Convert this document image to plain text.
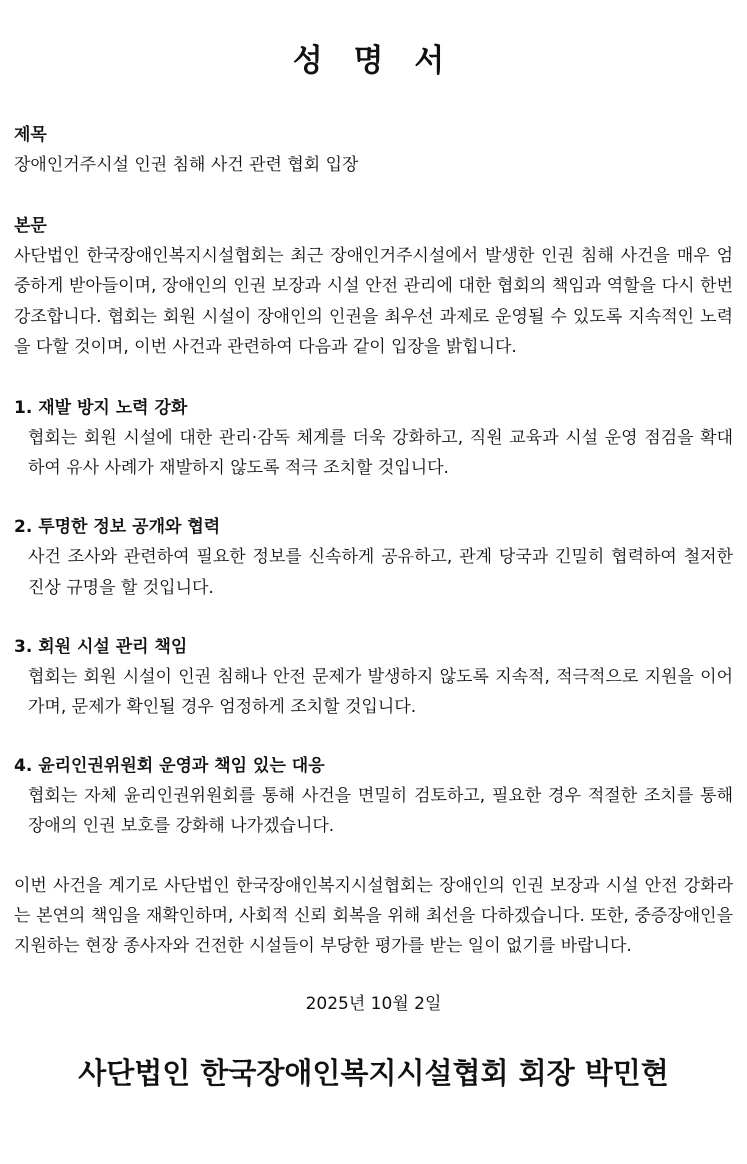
성 명 서

제목

장애인거주시설 인권 침해 사건 관련 협회 입장

본문

사단법인 한국장애인복지시설협회는 최근 장애인거주시설에서 발생한 인권 침해 사건을 매우 엄중하게 받아들이며, 장애인의 인권 보장과 시설 안전 관리에 대한 협회의 책임과 역할을 다시 한번 강조합니다. 협회는 회원 시설이 장애인의 인권을 최우선 과제로 운영될 수 있도록 지속적인 노력을 다할 것이며, 이번 사건과 관련하여 다음과 같이 입장을 밝힙니다.

1. 재발 방지 노력 강화

협회는 회원 시설에 대한 관리·감독 체계를 더욱 강화하고, 직원 교육과 시설 운영 점검을 확대하여 유사 사례가 재발하지 않도록 적극 조치할 것입니다.

2. 투명한 정보 공개와 협력

사건 조사와 관련하여 필요한 정보를 신속하게 공유하고, 관계 당국과 긴밀히 협력하여 철저한 진상 규명을 할 것입니다.

3. 회원 시설 관리 책임

협회는 회원 시설이 인권 침해나 안전 문제가 발생하지 않도록 지속적, 적극적으로 지원을 이어가며, 문제가 확인될 경우 엄정하게 조치할 것입니다.

4. 윤리인권위원회 운영과 책임 있는 대응

협회는 자체 윤리인권위원회를 통해 사건을 면밀히 검토하고, 필요한 경우 적절한 조치를 통해 장애의 인권 보호를 강화해 나가겠습니다.

이번 사건을 계기로 사단법인 한국장애인복지시설협회는 장애인의 인권 보장과 시설 안전 강화라는 본연의 책임을 재확인하며, 사회적 신뢰 회복을 위해 최선을 다하겠습니다. 또한, 중증장애인을 지원하는 현장 종사자와 건전한 시설들이 부당한 평가를 받는 일이 없기를 바랍니다.

2025년 10월 2일

사단법인 한국장애인복지시설협회 회장 박민현
